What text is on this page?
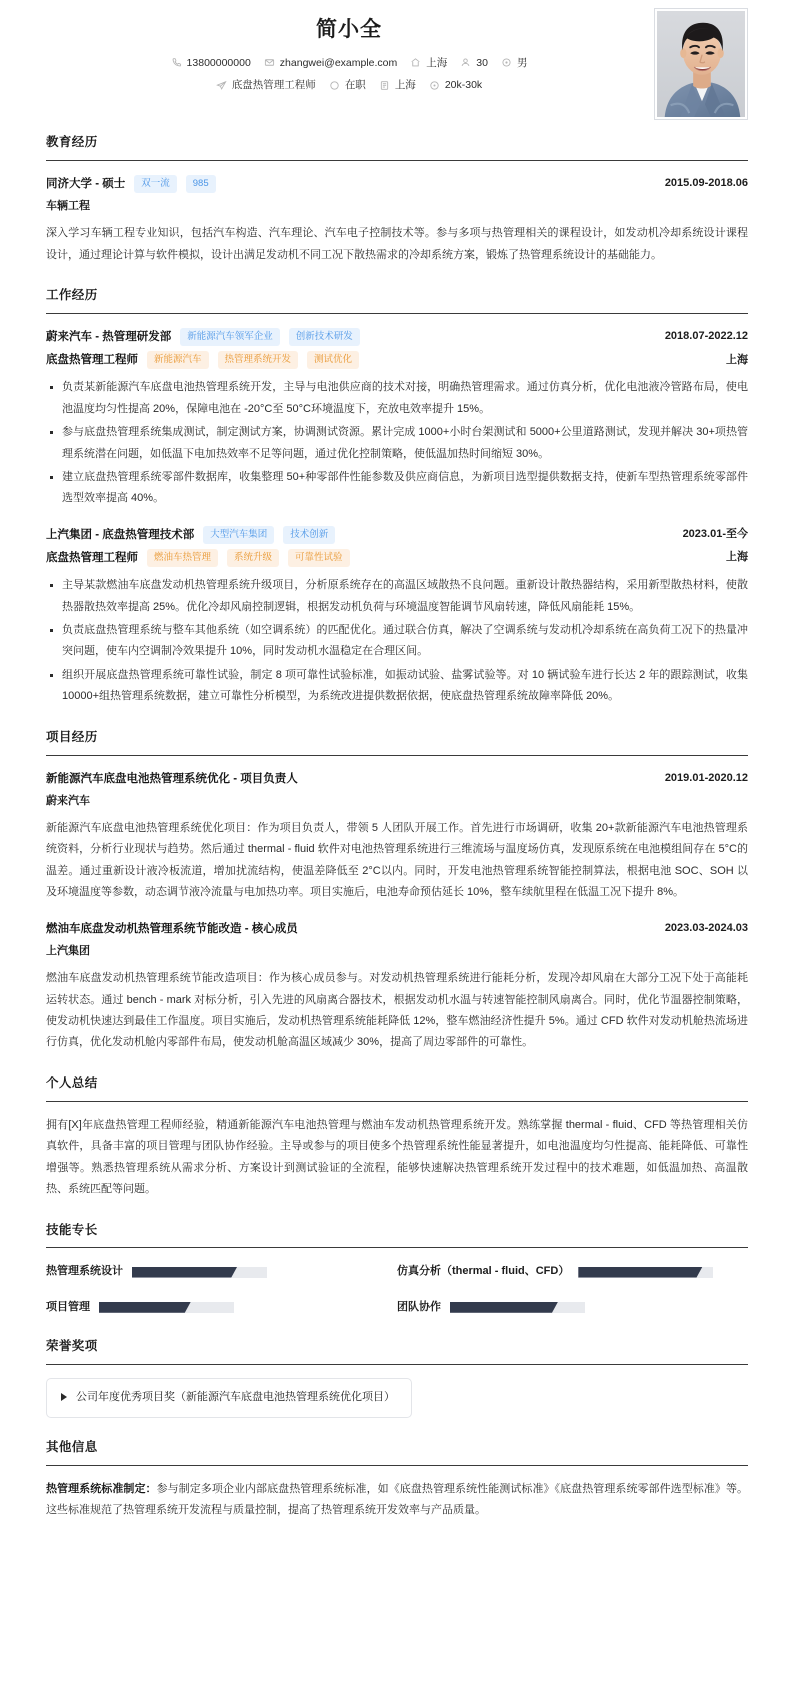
简小全
13800000000	zhangwei@example.com	上海	30	男
底盘热管理工程师	在职	上海	20k-30k
教育经历
同济大学 - 硕士	双一流	985	2015.09-2018.06
车辆工程
深入学习车辆工程专业知识，包括汽车构造、汽车理论、汽车电子控制技术等。参与多项与热管理相关的课程设计，如发动机冷却系统设计课程设计，通过理论计算与软件模拟，设计出满足发动机不同工况下散热需求的冷却系统方案，锻炼了热管理系统设计的基础能力。
工作经历
蔚来汽车 - 热管理研发部	新能源汽车领军企业	创新技术研发	2018.07-2022.12
底盘热管理工程师	新能源汽车	热管理系统开发	测试优化	上海
负责某新能源汽车底盘电池热管理系统开发，主导与电池供应商的技术对接，明确热管理需求。通过仿真分析，优化电池液冷管路布局，使电池温度均匀性提高 20%，保障电池在 -20°C至 50°C环境温度下，充放电效率提升 15%。
参与底盘热管理系统集成测试，制定测试方案，协调测试资源。累计完成 1000+小时台架测试和 5000+公里道路测试，发现并解决 30+项热管理系统潜在问题，如低温下电加热效率不足等问题，通过优化控制策略，使低温加热时间缩短 30%。
建立底盘热管理系统零部件数据库，收集整理 50+种零部件性能参数及供应商信息，为新项目选型提供数据支持，使新车型热管理系统零部件选型效率提高 40%。
上汽集团 - 底盘热管理技术部	大型汽车集团	技术创新	2023.01-至今
底盘热管理工程师	燃油车热管理	系统升级	可靠性试验	上海
主导某款燃油车底盘发动机热管理系统升级项目，分析原系统存在的高温区域散热不良问题。重新设计散热器结构，采用新型散热材料，使散热器散热效率提高 25%。优化冷却风扇控制逻辑，根据发动机负荷与环境温度智能调节风扇转速，降低风扇能耗 15%。
负责底盘热管理系统与整车其他系统（如空调系统）的匹配优化。通过联合仿真，解决了空调系统与发动机冷却系统在高负荷工况下的热量冲突问题，使车内空调制冷效果提升 10%，同时发动机水温稳定在合理区间。
组织开展底盘热管理系统可靠性试验，制定 8 项可靠性试验标准，如振动试验、盐雾试验等。对 10 辆试验车进行长达 2 年的跟踪测试，收集 10000+组热管理系统数据，建立可靠性分析模型，为系统改进提供数据依据，使底盘热管理系统故障率降低 20%。
项目经历
新能源汽车底盘电池热管理系统优化 - 项目负责人	2019.01-2020.12
蔚来汽车
新能源汽车底盘电池热管理系统优化项目：作为项目负责人，带领 5 人团队开展工作。首先进行市场调研，收集 20+款新能源汽车电池热管理系统资料，分析行业现状与趋势。然后通过 thermal - fluid 软件对电池热管理系统进行三维流场与温度场仿真，发现原系统在电池模组间存在 5°C的温差。通过重新设计液冷板流道，增加扰流结构，使温差降低至 2°C以内。同时，开发电池热管理系统智能控制算法，根据电池 SOC、SOH 以及环境温度等参数，动态调节液冷流量与电加热功率。项目实施后，电池寿命预估延长 10%，整车续航里程在低温工况下提升 8%。
燃油车底盘发动机热管理系统节能改造 - 核心成员	2023.03-2024.03
上汽集团
燃油车底盘发动机热管理系统节能改造项目：作为核心成员参与。对发动机热管理系统进行能耗分析，发现冷却风扇在大部分工况下处于高能耗运转状态。通过 bench - mark 对标分析，引入先进的风扇离合器技术，根据发动机水温与转速智能控制风扇离合。同时，优化节温器控制策略，使发动机快速达到最佳工作温度。项目实施后，发动机热管理系统能耗降低 12%，整车燃油经济性提升 5%。通过 CFD 软件对发动机舱热流场进行仿真，优化发动机舱内零部件布局，使发动机舱高温区域减少 30%，提高了周边零部件的可靠性。
个人总结
拥有[X]年底盘热管理工程师经验，精通新能源汽车电池热管理与燃油车发动机热管理系统开发。熟练掌握 thermal - fluid、CFD 等热管理相关仿真软件，具备丰富的项目管理与团队协作经验。主导或参与的项目使多个热管理系统性能显著提升，如电池温度均匀性提高、能耗降低、可靠性增强等。熟悉热管理系统从需求分析、方案设计到测试验证的全流程，能够快速解决热管理系统开发过程中的技术难题，如低温加热、高温散热、系统匹配等问题。
技能专长
热管理系统设计	仿真分析（thermal - fluid、CFD）
项目管理	团队协作
荣誉奖项
公司年度优秀项目奖（新能源汽车底盘电池热管理系统优化项目）
其他信息
热管理系统标准制定：参与制定多项企业内部底盘热管理系统标准，如《底盘热管理系统性能测试标准》《底盘热管理系统零部件选型标准》等。这些标准规范了热管理系统开发流程与质量控制，提高了热管理系统开发效率与产品质量。
